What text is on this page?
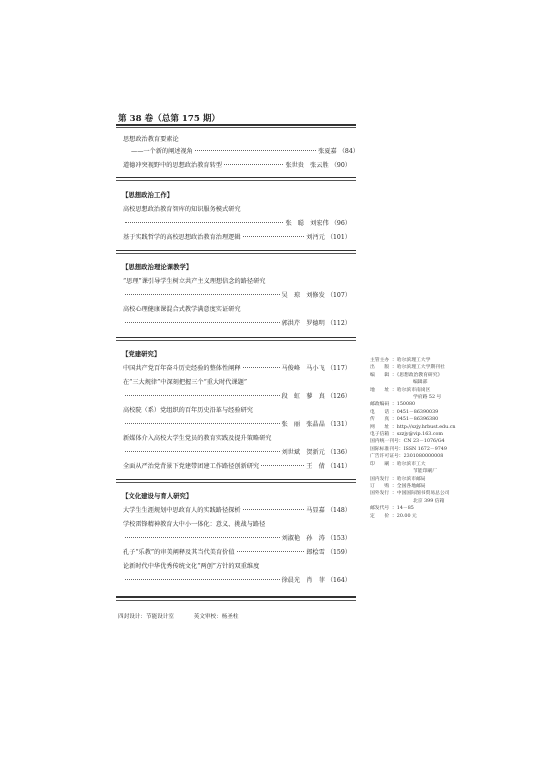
第 38 卷（总第 175 期）
思想政治教育要素论
——一个新的阐述视角	张夏嘉 （84）
道德冲突视野中的思想政治教育转型	张世贵　张云胜 （90）
【思想政治工作】
高校思想政治教育智库的知识服务模式研究
张　聪　刘宏伟 （96）
基于实践哲学的高校思想政治教育治理逻辑	刘沔元 （101）
【思想政治理论课教学】
“思理”课引导学生树立共产主义理想信念的路径研究
吴　琼　刘修发 （107）
高校心理健康课混合式教学满意度实证研究
郭洪芹　罗德明 （112）
【党建研究】
中国共产党百年奋斗历史经验的整体性阐释	马俊峰　马小飞 （117）
在“三大规律”中深刻把握三个“重大时代课题”
段　虹　蓼　真 （126）
高校院（系）党组织的百年历史沿革与经验研究
张　丽　张晶晶 （131）
新媒体介入高校大学生党员的教育实践及提升策略研究
刘世斌　贺新元 （136）
全面从严治党背景下党建带团建工作路径创新研究	王　倩 （141）
【文化建设与育人研究】
大学生生涯规划中思政育人的实践路径探析	马显嘉 （148）
学校雷锋精神教育大中小一体化：意义、挑战与路径
刘淑艳　孙　涛 （153）
孔子“乐教”的审美阐释及其当代美育价值	郎桧雪 （159）
论新时代中华优秀传统文化“两创”方针的双重维度
徐晨光　肖　菲 （164）
四封设计：节能设计室	英文审校：杨圣柱
主管主办 ：哈尔滨理工大学
出　　版 ：哈尔滨理工大学期刊社
编　　辑 ：《思想政治教育研究》
编辑部
地　　址 ：哈尔滨市南岗区
学府路 52 号
邮政编码 ：150080
电　　话 ：0451－86390039
传　　真 ：0451－86396380
网　　址 ：http://szjy.hrbust.edu.cn
电子信箱 ：szzjy@vip.163.com
国内统一刊号 ：CN 23－1076/G4
国际标准刊号 ：ISSN 1672－9749
广告许可证号 ：2301080000008
印　　刷 ：哈尔滨市工大
节能印刷厂
国内发行 ：哈尔滨市邮局
订　　购 ：全国各地邮局
国外发行 ：中国国际图书贸易总公司
北京 399 信箱
邮发代号 ：14－85
定　　价 ：20.00 元
